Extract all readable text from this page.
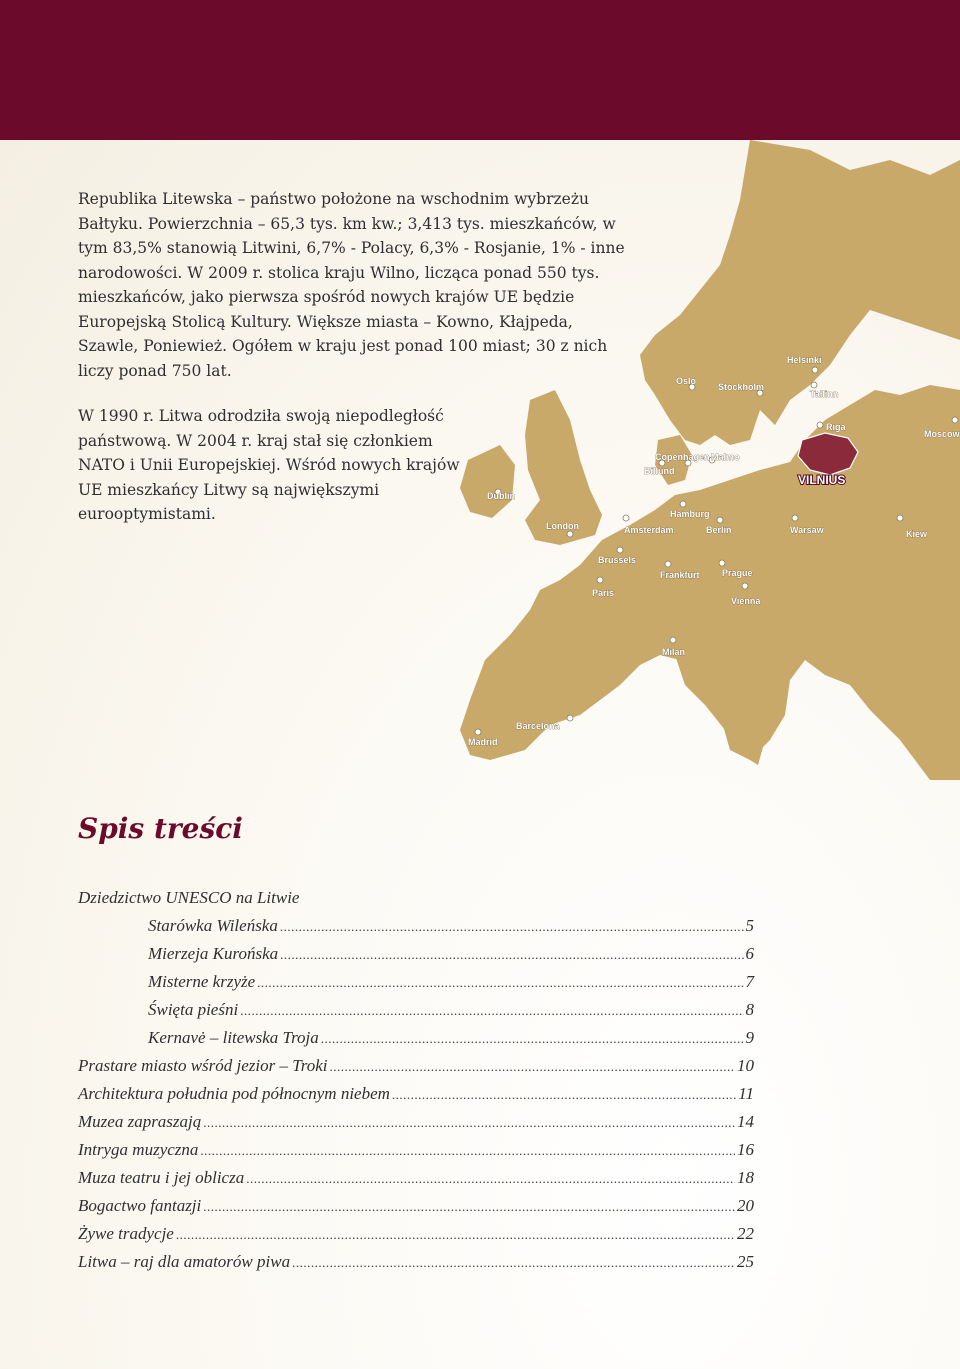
VILNIUS
Oslo
Stockholm
Helsinki
Tallinn
Riga
Moscow
Copenhagen Malmo
Billund
Dublin
London	Amsterdam
Hamburg
Berlin	Warsaw	Kiew
Brussels
Paris
Frankfurt Prague
Vienna
Milan
Barcelona
Madrid

Republika Litewska – państwo położone na wschodnim wybrzeżu Bałtyku. Powierzchnia – 65,3 tys. km kw.; 3,413 tys. mieszkańców, w tym 83,5% stanowią Litwini, 6,7% - Polacy, 6,3% - Rosjanie, 1% - inne narodowości. W 2009 r. stolica kraju Wilno, licząca ponad 550 tys. mieszkańców, jako pierwsza spośród nowych krajów UE będzie Europejską Stolicą Kultury. Większe miasta – Kowno, Kłajpeda, Szawle, Poniewież. Ogółem w kraju jest ponad 100 miast; 30 z nich liczy ponad 750 lat.

W 1990 r. Litwa odrodziła swoją niepodległość państwową. W 2004 r. kraj stał się członkiem NATO i Unii Europejskiej. Wśród nowych krajów UE mieszkańcy Litwy są największymi eurooptymistami.

Spis treści
Dziedzictwo UNESCO na Litwie
Starówka Wileńska .....	5
Mierzeja Kurońska .....	6
Misterne krzyże .....	7
Święta pieśni .....	8
Kernavė – litewska Troja .....	9
Prastare miasto wśród jezior – Troki .....	10
Architektura południa pod północnym niebem .....	11
Muzea zapraszają .....	14
Intryga muzyczna .....	16
Muza teatru i jej oblicza .....	18
Bogactwo fantazji .....	20
Żywe tradycje .....	22
Litwa – raj dla amatorów piwa .....	25
